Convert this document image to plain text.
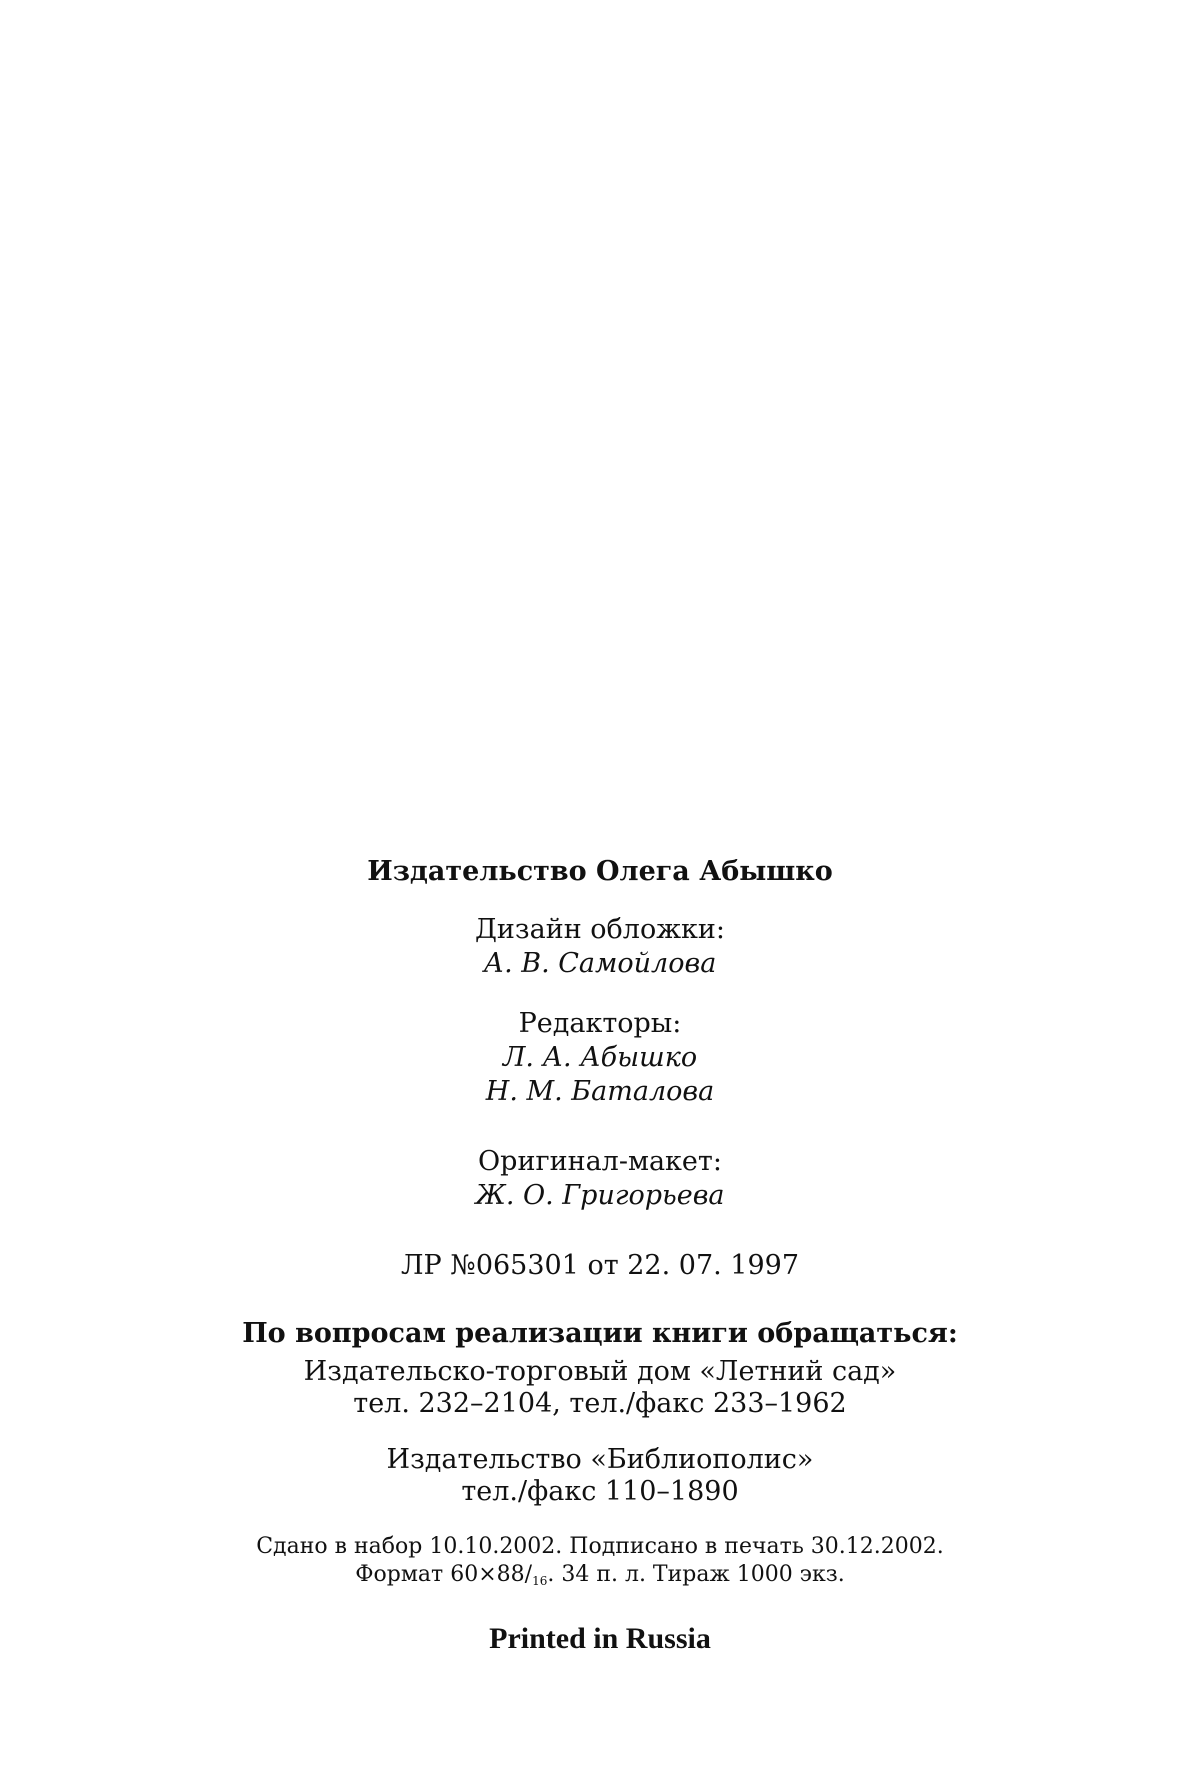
Издательство Олега Абышко
Дизайн обложки:
А. В. Самойлова
Редакторы:
Л. А. Абышко
Н. М. Баталова
Оригинал-макет:
Ж. О. Григорьева
ЛР №065301 от 22. 07. 1997
По вопросам реализации книги обращаться:
Издательско-торговый дом «Летний сад»
тел. 232–2104, тел./факс 233–1962
Издательство «Библиополис»
тел./факс 110–1890
Сдано в набор 10.10.2002. Подписано в печать 30.12.2002.
Формат $60\times 88/_{16}$. 34 п. л. Тираж 1000 экз.
Printed in Russia
